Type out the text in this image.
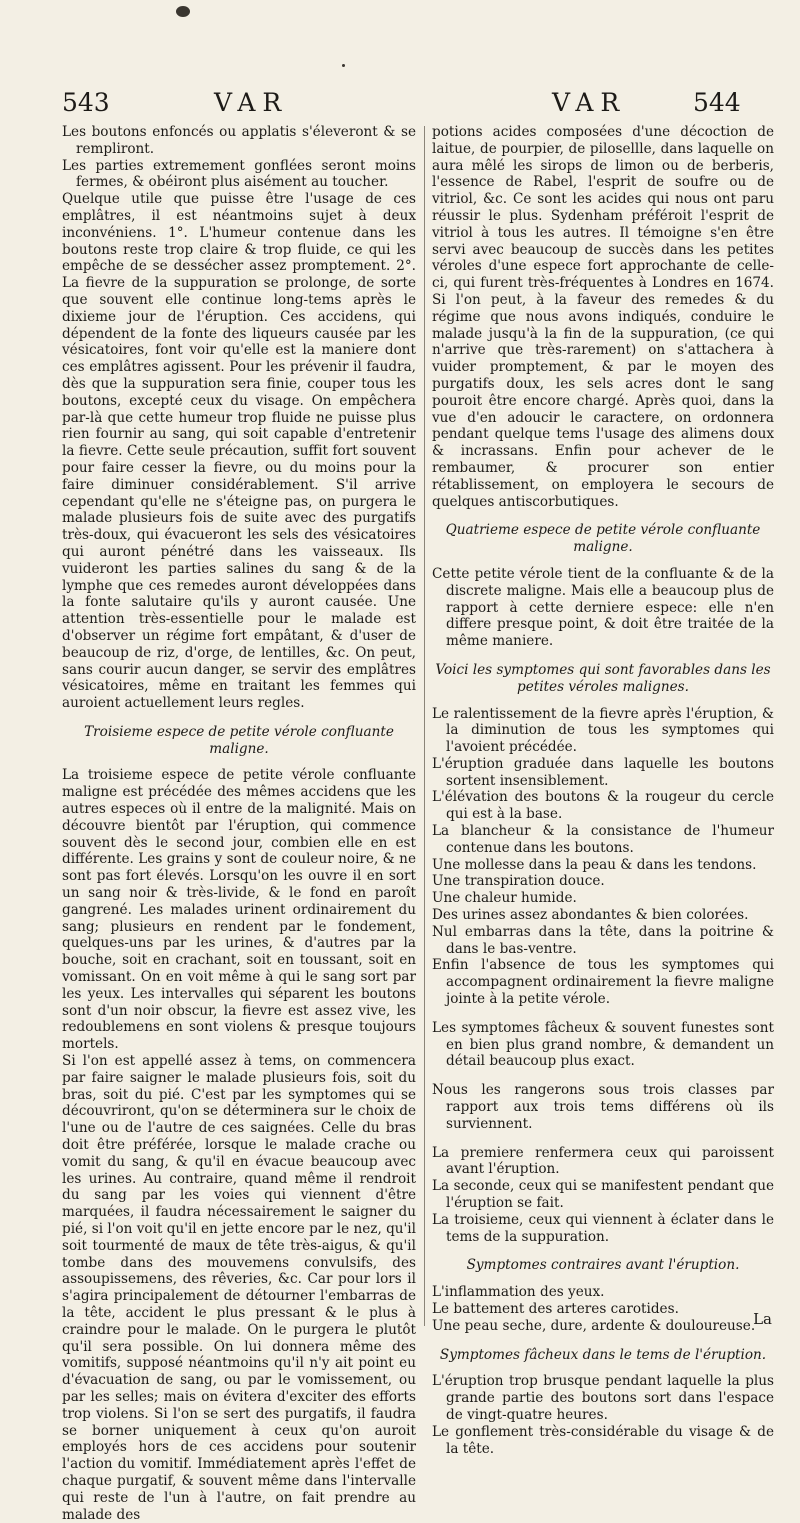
543	VAR	VAR	544

Les boutons enfoncés ou applatis s'éleveront & se rempliront.

Les parties extremement gonflées seront moins fermes, & obéiront plus aisément au toucher.

Quelque utile que puisse être l'usage de ces emplâtres, il est néantmoins sujet à deux inconvéniens. 1°. L'humeur contenue dans les boutons reste trop claire & trop fluide, ce qui les empêche de se dessécher assez promptement. 2°. La fievre de la suppuration se prolonge, de sorte que souvent elle continue long-tems après le dixieme jour de l'éruption. Ces accidens, qui dépendent de la fonte des liqueurs causée par les vésicatoires, font voir qu'elle est la maniere dont ces emplâtres agissent. Pour les prévenir il faudra, dès que la suppuration sera finie, couper tous les boutons, excepté ceux du visage. On empêchera par-là que cette humeur trop fluide ne puisse plus rien fournir au sang, qui soit capable d'entretenir la fievre. Cette seule précaution, suffit fort souvent pour faire cesser la fievre, ou du moins pour la faire diminuer considérablement. S'il arrive cependant qu'elle ne s'éteigne pas, on purgera le malade plusieurs fois de suite avec des purgatifs très-doux, qui évacueront les sels des vésicatoires qui auront pénétré dans les vaisseaux. Ils vuideront les parties salines du sang & de la lymphe que ces remedes auront développées dans la fonte salutaire qu'ils y auront causée. Une attention très-essentielle pour le malade est d'observer un régime fort empâtant, & d'user de beaucoup de riz, d'orge, de lentilles, &c. On peut, sans courir aucun danger, se servir des emplâtres vésicatoires, même en traitant les femmes qui auroient actuellement leurs regles.

Troisieme espece de petite vérole confluante maligne.

La troisieme espece de petite vérole confluante maligne est précédée des mêmes accidens que les autres especes où il entre de la malignité. Mais on découvre bientôt par l'éruption, qui commence souvent dès le second jour, combien elle en est différente. Les grains y sont de couleur noire, & ne sont pas fort élevés. Lorsqu'on les ouvre il en sort un sang noir & très-livide, & le fond en paroît gangrené. Les malades urinent ordinairement du sang; plusieurs en rendent par le fondement, quelques-uns par les urines, & d'autres par la bouche, soit en crachant, soit en toussant, soit en vomissant. On en voit même à qui le sang sort par les yeux. Les intervalles qui séparent les boutons sont d'un noir obscur, la fievre est assez vive, les redoublemens en sont violens & presque toujours mortels.

Si l'on est appellé assez à tems, on commencera par faire saigner le malade plusieurs fois, soit du bras, soit du pié. C'est par les symptomes qui se découvriront, qu'on se déterminera sur le choix de l'une ou de l'autre de ces saignées. Celle du bras doit être préférée, lorsque le malade crache ou vomit du sang, & qu'il en évacue beaucoup avec les urines. Au contraire, quand même il rendroit du sang par les voies qui viennent d'être marquées, il faudra nécessairement le saigner du pié, si l'on voit qu'il en jette encore par le nez, qu'il soit tourmenté de maux de tête très-aigus, & qu'il tombe dans des mouvemens convulsifs, des assoupissemens, des rêveries, &c. Car pour lors il s'agira principalement de détourner l'embarras de la tête, accident le plus pressant & le plus à craindre pour le malade. On le purgera le plutôt qu'il sera possible. On lui donnera même des vomitifs, supposé néantmoins qu'il n'y ait point eu d'évacuation de sang, ou par le vomissement, ou par les selles; mais on évitera d'exciter des efforts trop violens. Si l'on se sert des purgatifs, il faudra se borner uniquement à ceux qu'on auroit employés hors de ces accidens pour soutenir l'action du vomitif. Immédiatement après l'effet de chaque purgatif, & souvent même dans l'intervalle qui reste de l'un à l'autre, on fait prendre au malade des

potions acides composées d'une décoction de laitue, de pourpier, de pilosellle, dans laquelle on aura mêlé les sirops de limon ou de berberis, l'essence de Rabel, l'esprit de soufre ou de vitriol, &c. Ce sont les acides qui nous ont paru réussir le plus. Sydenham préféroit l'esprit de vitriol à tous les autres. Il témoigne s'en être servi avec beaucoup de succès dans les petites véroles d'une espece fort approchante de celle-ci, qui furent très-fréquentes à Londres en 1674. Si l'on peut, à la faveur des remedes & du régime que nous avons indiqués, conduire le malade jusqu'à la fin de la suppuration, (ce qui n'arrive que très-rarement) on s'attachera à vuider promptement, & par le moyen des purgatifs doux, les sels acres dont le sang pouroit être encore chargé. Après quoi, dans la vue d'en adoucir le caractere, on ordonnera pendant quelque tems l'usage des alimens doux & incrassans. Enfin pour achever de le rembaumer, & procurer son entier rétablissement, on employera le secours de quelques antiscorbutiques.

Quatrieme espece de petite vérole confluante maligne.

Cette petite vérole tient de la confluante & de la discrete maligne. Mais elle a beaucoup plus de rapport à cette derniere espece: elle n'en differe presque point, & doit être traitée de la même maniere.

Voici les symptomes qui sont favorables dans les petites véroles malignes.

Le ralentissement de la fievre après l'éruption, & la diminution de tous les symptomes qui l'avoient précédée.

L'éruption graduée dans laquelle les boutons sortent insensiblement.

L'élévation des boutons & la rougeur du cercle qui est à la base.

La blancheur & la consistance de l'humeur contenue dans les boutons.

Une mollesse dans la peau & dans les tendons.

Une transpiration douce.

Une chaleur humide.

Des urines assez abondantes & bien colorées.

Nul embarras dans la tête, dans la poitrine & dans le bas-ventre.

Enfin l'absence de tous les symptomes qui accompagnent ordinairement la fievre maligne jointe à la petite vérole.

Les symptomes fâcheux & souvent funestes sont en bien plus grand nombre, & demandent un détail beaucoup plus exact.

Nous les rangerons sous trois classes par rapport aux trois tems différens où ils surviennent.

La premiere renfermera ceux qui paroissent avant l'éruption.

La seconde, ceux qui se manifestent pendant que l'éruption se fait.

La troisieme, ceux qui viennent à éclater dans le tems de la suppuration.

Symptomes contraires avant l'éruption.

L'inflammation des yeux.

Le battement des arteres carotides.

Une peau seche, dure, ardente & douloureuse.

Symptomes fâcheux dans le tems de l'éruption.

L'éruption trop brusque pendant laquelle la plus grande partie des boutons sort dans l'espace de vingt-quatre heures.

Le gonflement très-considérable du visage & de la tête.

La
